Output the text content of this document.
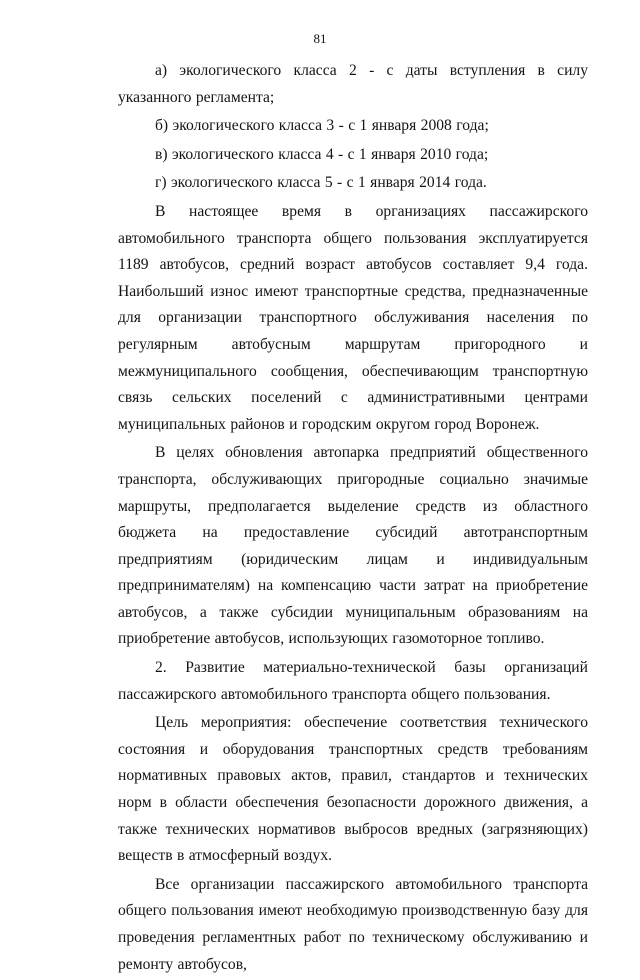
81

а) экологического класса 2 - с даты вступления в силу указанного регламента;

б) экологического класса 3 - с 1 января 2008 года;

в) экологического класса 4 - с 1 января 2010 года;

г) экологического класса 5 - с 1 января 2014 года.

В настоящее время в организациях пассажирского автомобильного транспорта общего пользования эксплуатируется 1189 автобусов, средний возраст автобусов составляет 9,4 года. Наибольший износ имеют транспортные средства, предназначенные для организации транспортного обслуживания населения по регулярным автобусным маршрутам пригородного и межмуниципального сообщения, обеспечивающим транспортную связь сельских поселений с административными центрами муниципальных районов и городским округом город Воронеж.

В целях обновления автопарка предприятий общественного транспорта, обслуживающих пригородные социально значимые маршруты, предполагается выделение средств из областного бюджета на предоставление субсидий автотранспортным предприятиям (юридическим лицам и индивидуальным предпринимателям) на компенсацию части затрат на приобретение автобусов, а также субсидии муниципальным образованиям на приобретение автобусов, использующих газомоторное топливо.

2. Развитие материально-технической базы организаций пассажирского автомобильного транспорта общего пользования.

Цель мероприятия: обеспечение соответствия технического состояния и оборудования транспортных средств требованиям нормативных правовых актов, правил, стандартов и технических норм в области обеспечения безопасности дорожного движения, а также технических нормативов выбросов вредных (загрязняющих) веществ в атмосферный воздух.

Все организации пассажирского автомобильного транспорта общего пользования имеют необходимую производственную базу для проведения регламентных работ по техническому обслуживанию и ремонту автобусов,
